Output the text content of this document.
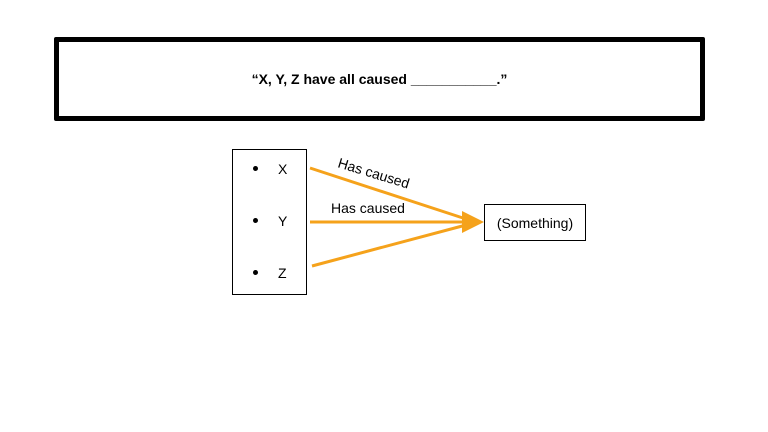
“X, Y, Z have all caused ___________.”
X
Y
Z
(Something)
Has caused
Has caused
